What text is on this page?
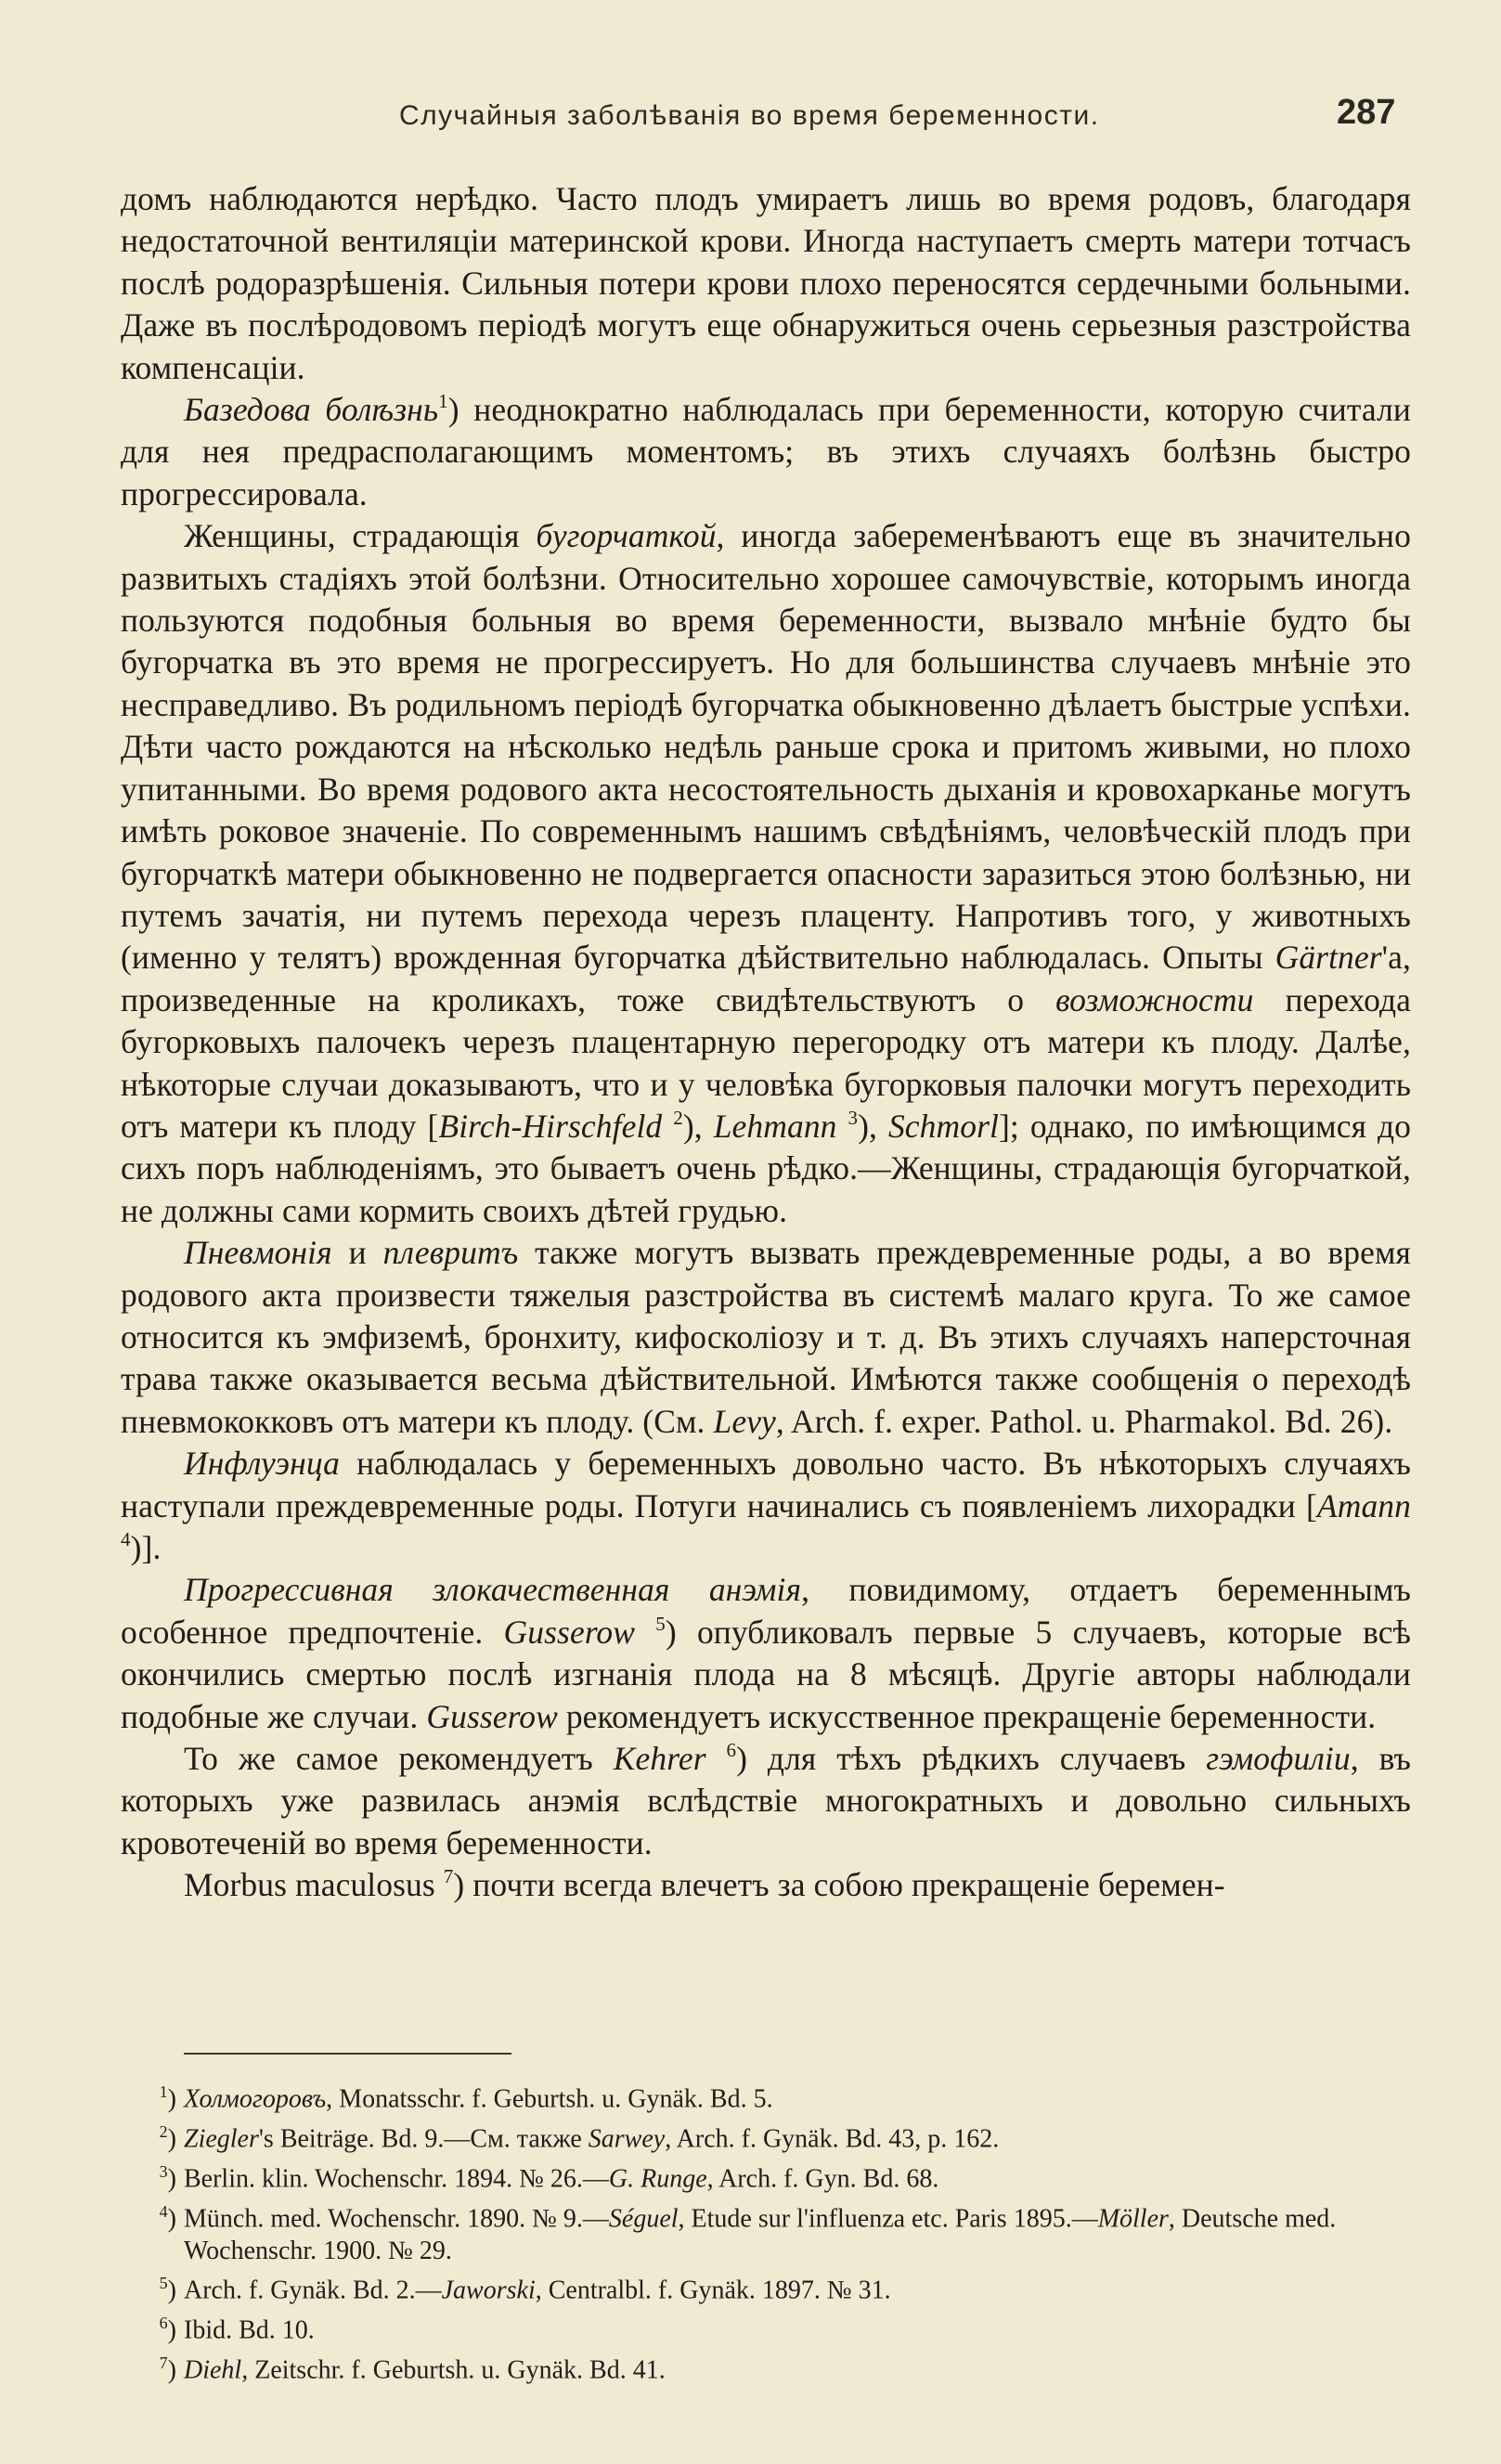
Случайныя заболѣванія во время беременности.	287

домъ наблюдаются нерѣдко. Часто плодъ умираетъ лишь во время родовъ, благодаря недостаточной вентиляціи материнской крови. Иногда наступаетъ смерть матери тотчасъ послѣ родоразрѣшенія. Сильныя потери крови плохо переносятся сердечными больными. Даже въ послѣродовомъ періодѣ могутъ еще обнаружиться очень серьезныя разстройства компенсаціи.

Базедова болѣзнь$^1$) неоднократно наблюдалась при беременности, которую считали для нея предрасполагающимъ моментомъ; въ этихъ случаяхъ болѣзнь быстро прогрессировала.

Женщины, страдающія бугорчаткой, иногда забеременѣваютъ еще въ значительно развитыхъ стадіяхъ этой болѣзни. Относительно хорошее самочувствіе, которымъ иногда пользуются подобныя больныя во время беременности, вызвало мнѣніе будто бы бугорчатка въ это время не прогрессируетъ. Но для большинства случаевъ мнѣніе это несправедливо. Въ родильномъ періодѣ бугорчатка обыкновенно дѣлаетъ быстрые успѣхи. Дѣти часто рождаются на нѣсколько недѣль раньше срока и притомъ живыми, но плохо упитанными. Во время родового акта несостоятельность дыханія и кровохарканье могутъ имѣть роковое значеніе. По современнымъ нашимъ свѣдѣніямъ, человѣческій плодъ при бугорчаткѣ матери обыкновенно не подвергается опасности заразиться этою болѣзнью, ни путемъ зачатія, ни путемъ перехода черезъ плаценту. Напротивъ того, у животныхъ (именно у телятъ) врожденная бугорчатка дѣйствительно наблюдалась. Опыты Gärtner'а, произведенные на кроликахъ, тоже свидѣтельствуютъ о возможности перехода бугорковыхъ палочекъ черезъ плацентарную перегородку отъ матери къ плоду. Далѣе, нѣкоторые случаи доказываютъ, что и у человѣка бугорковыя палочки могутъ переходить отъ матери къ плоду [Birch-Hirschfeld $^2$), Lehmann $^3$), Schmorl]; однако, по имѣющимся до сихъ поръ наблюденіямъ, это бываетъ очень рѣдко.—Женщины, страдающія бугорчаткой, не должны сами кормить своихъ дѣтей грудью.

Пневмонія и плевритъ также могутъ вызвать преждевременные роды, а во время родового акта произвести тяжелыя разстройства въ системѣ малаго круга. То же самое относится къ эмфиземѣ, бронхиту, кифосколіозу и т. д. Въ этихъ случаяхъ наперсточная трава также оказывается весьма дѣйствительной. Имѣются также сообщенія о переходѣ пневмококковъ отъ матери къ плоду. (См. Levy, Arch. f. exper. Pathol. u. Pharmakol. Bd. 26).

Инфлуэнца наблюдалась у беременныхъ довольно часто. Въ нѣкоторыхъ случаяхъ наступали преждевременные роды. Потуги начинались съ появленіемъ лихорадки [Amann $^4$)].

Прогрессивная злокачественная анэмія, повидимому, отдаетъ беременнымъ особенное предпочтеніе. Gusserow $^5$) опубликовалъ первые 5 случаевъ, которые всѣ окончились смертью послѣ изгнанія плода на 8 мѣсяцѣ. Другіе авторы наблюдали подобные же случаи. Gusserow рекомендуетъ искусственное прекращеніе беременности.

То же самое рекомендуетъ Kehrer $^6$) для тѣхъ рѣдкихъ случаевъ гэмофиліи, въ которыхъ уже развилась анэмія вслѣдствіе многократныхъ и довольно сильныхъ кровотеченій во время беременности.

Morbus maculosus $^7$) почти всегда влечетъ за собою прекращеніе беремен-

$^1$) Холмогоровъ, Monatsschr. f. Geburtsh. u. Gynäk. Bd. 5.
$^2$) Ziegler's Beiträge. Bd. 9.—См. также Sarwey, Arch. f. Gynäk. Bd. 43, p. 162.
$^3$) Berlin. klin. Wochenschr. 1894. № 26.—G. Runge, Arch. f. Gyn. Bd. 68.
$^4$) Münch. med. Wochenschr. 1890. № 9.—Séguel, Etude sur l'influenza etc. Paris 1895.—Möller, Deutsche med. Wochenschr. 1900. № 29.
$^5$) Arch. f. Gynäk. Bd. 2.—Jaworski, Centralbl. f. Gynäk. 1897. № 31.
$^6$) Ibid. Bd. 10.
$^7$) Diehl, Zeitschr. f. Geburtsh. u. Gynäk. Bd. 41.
